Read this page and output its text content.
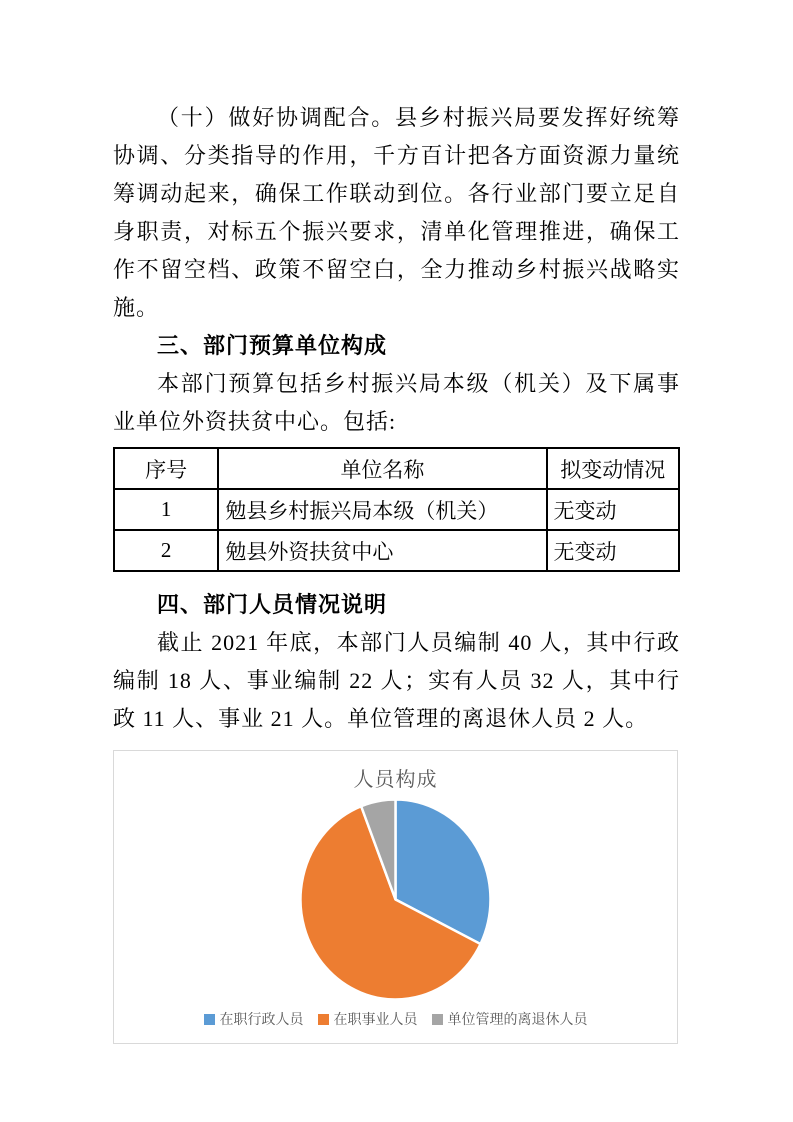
（十）做好协调配合。县乡村振兴局要发挥好统筹协调、分类指导的作用，千方百计把各方面资源力量统筹调动起来，确保工作联动到位。各行业部门要立足自身职责，对标五个振兴要求，清单化管理推进，确保工作不留空档、政策不留空白，全力推动乡村振兴战略实施。

三、部门预算单位构成

本部门预算包括乡村振兴局本级（机关）及下属事业单位外资扶贫中心。包括:

序号	单位名称	拟变动情况
1	勉县乡村振兴局本级（机关）	无变动
2	勉县外资扶贫中心	无变动

四、部门人员情况说明

截止 2021 年底，本部门人员编制 40 人，其中行政编制 18 人、事业编制 22 人；实有人员 32 人，其中行政 11 人、事业 21 人。单位管理的离退休人员 2 人。

人员构成
在职行政人员 在职事业人员 单位管理的离退休人员
